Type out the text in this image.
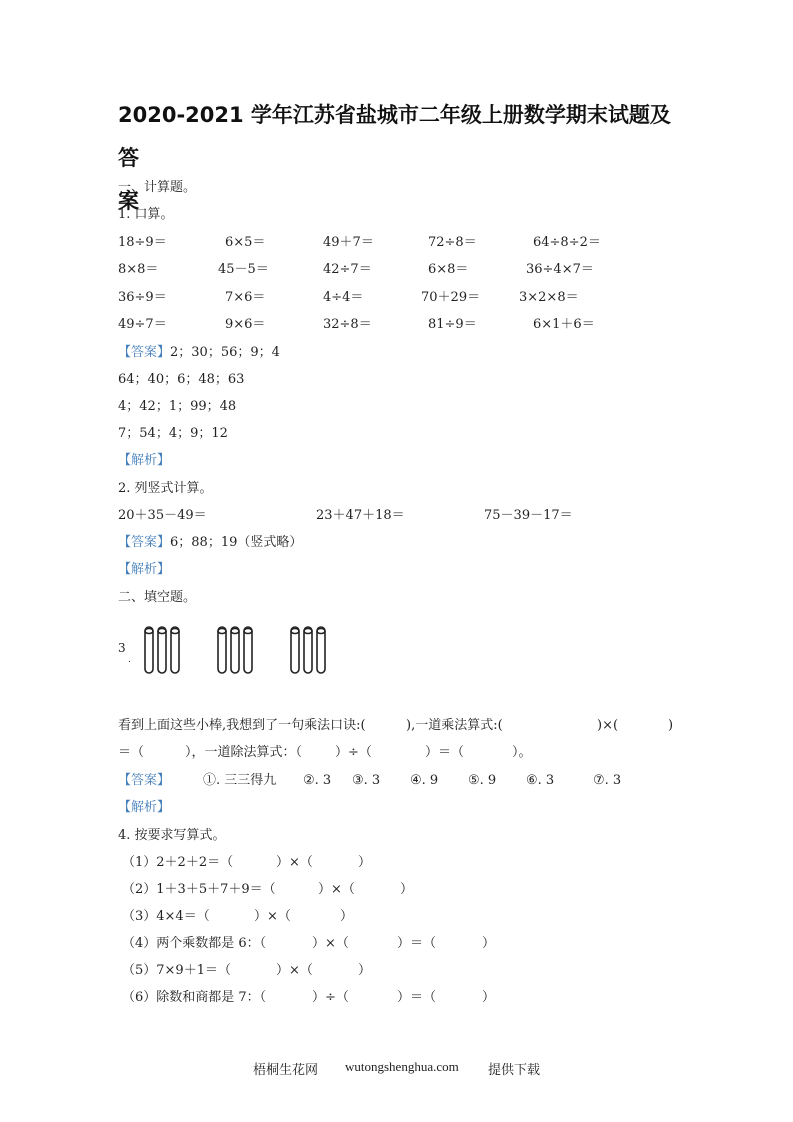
2020-2021 学年江苏省盐城市二年级上册数学期末试题及答
案
一、计算题。
1. 口算。
18÷9＝	6×5＝	49＋7＝	72÷8＝	64÷8÷2＝
8×8＝	45－5＝	42÷7＝	6×8＝	36÷4×7＝
36÷9＝	7×6＝	4÷4＝	70＋29＝	3×2×8＝
49÷7＝	9×6＝	32÷8＝	81÷9＝	6×1＋6＝
【答案】2；30；56；9；4
64；40；6；48；63
4；42；1；99；48
7；54；4；9；12
【解析】
2. 列竖式计算。
20＋35－49＝	23＋47＋18＝	75－39－17＝
【答案】6；88；19（竖式略）
【解析】
二、填空题。
3
.
看到上面这些小棒,我想到了一句乘法口诀:(	),一道乘法算式:(	)×(	)
＝（	），一道除法算式：（	）÷（	）＝（	）。
【答案】	①. 三三得九 ②. 3 ③. 3 ④. 9 ⑤. 9 ⑥. 3	⑦. 3
【解析】
4. 按要求写算式。
（1）2＋2＋2＝（	）×（	）
（2）1＋3＋5＋7＋9＝（	）×（	）
（3）4×4＝（	）×（	）
（4）两个乘数都是 6：（	）×（	）＝（	）
（5）7×9＋1＝（	）×（	）
（6）除数和商都是 7：（	）÷（	）＝（	）
梧桐生花网 wutongshenghua.com 提供下载
